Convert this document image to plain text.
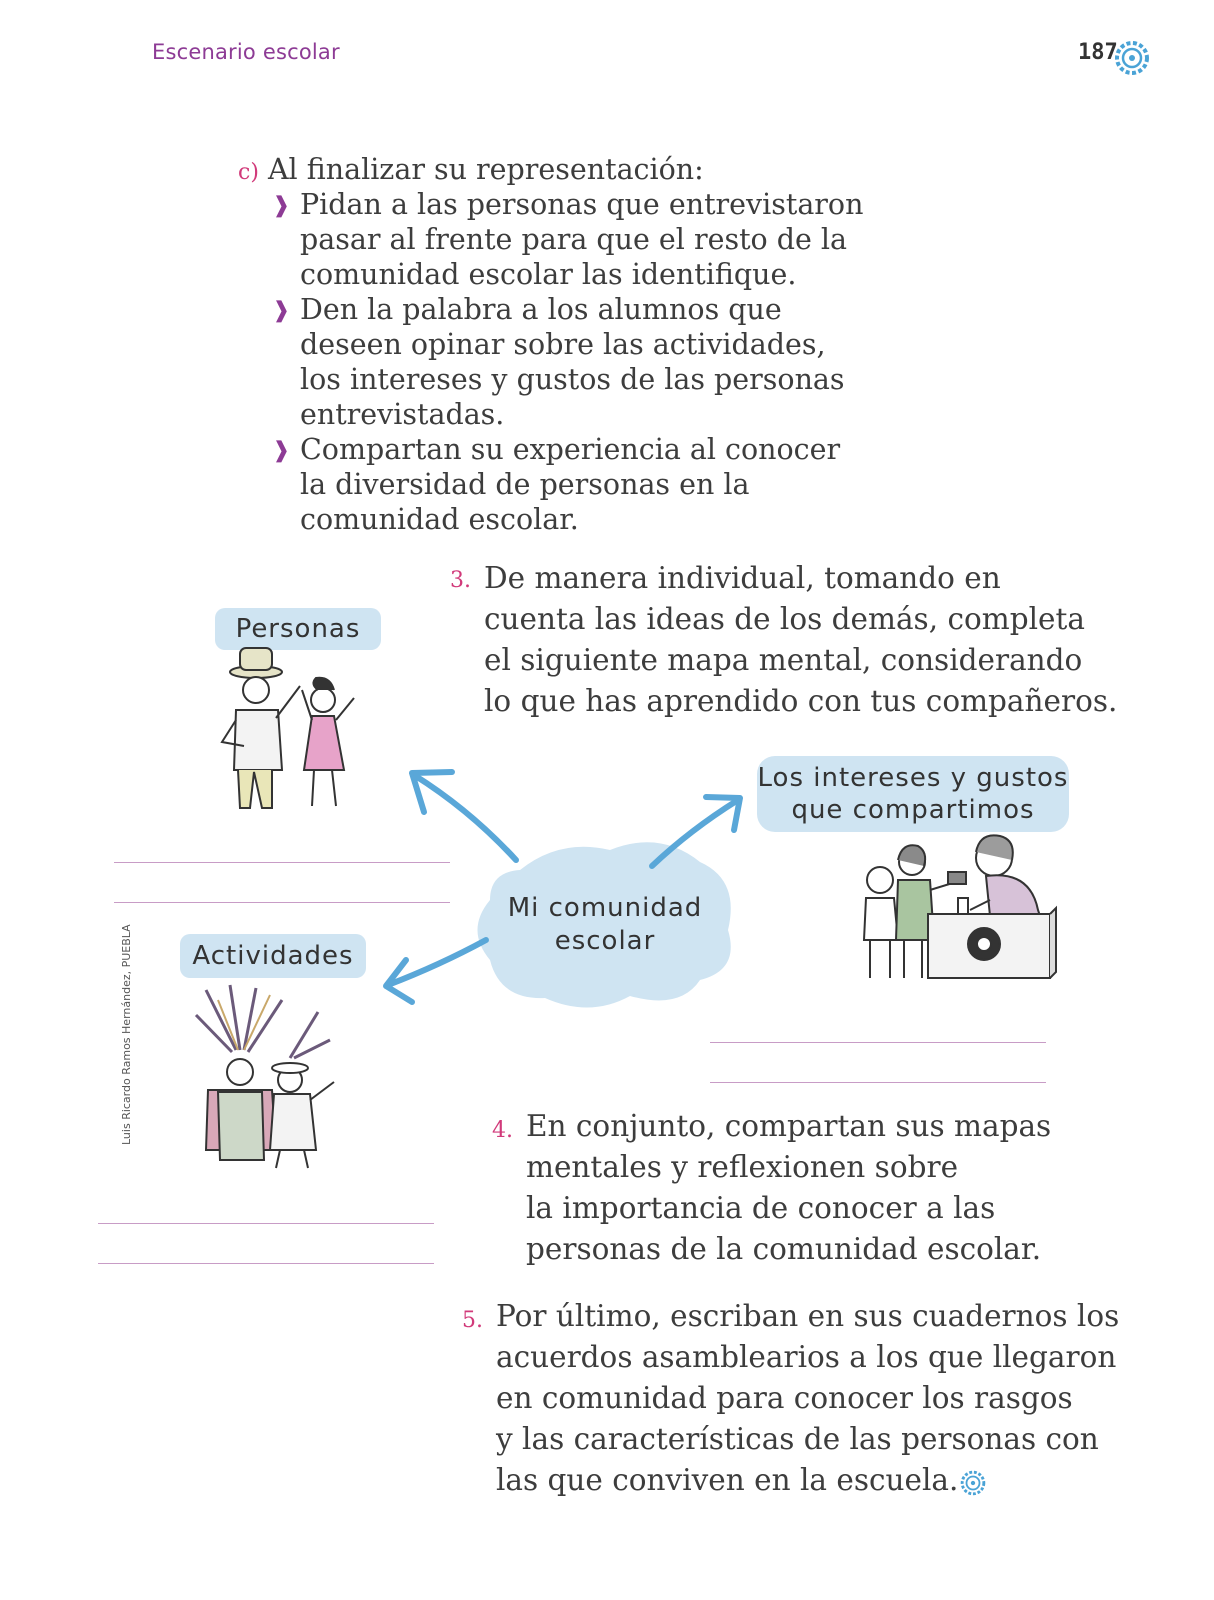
Escenario escolar	187
c) Al finalizar su representación:
❱ Pidan a las personas que entrevistaron
pasar al frente para que el resto de la
comunidad escolar las identifique.
❱ Den la palabra a los alumnos que
deseen opinar sobre las actividades,
los intereses y gustos de las personas
entrevistadas.
❱ Compartan su experiencia al conocer
la diversidad de personas en la
comunidad escolar.
3. De manera individual, tomando en
cuenta las ideas de los demás, completa
el siguiente mapa mental, considerando
lo que has aprendido con tus compañeros.
Personas
Actividades
Los intereses y gustos
que compartimos
Mi comunidad
escolar
Luis Ricardo Ramos Hernández, PUEBLA	4. En conjunto, compartan sus mapas
mentales y reflexionen sobre
la importancia de conocer a las
personas de la comunidad escolar.
5. Por último, escriban en sus cuadernos los
acuerdos asamblearios a los que llegaron
en comunidad para conocer los rasgos
y las características de las personas con
las que conviven en la escuela.
